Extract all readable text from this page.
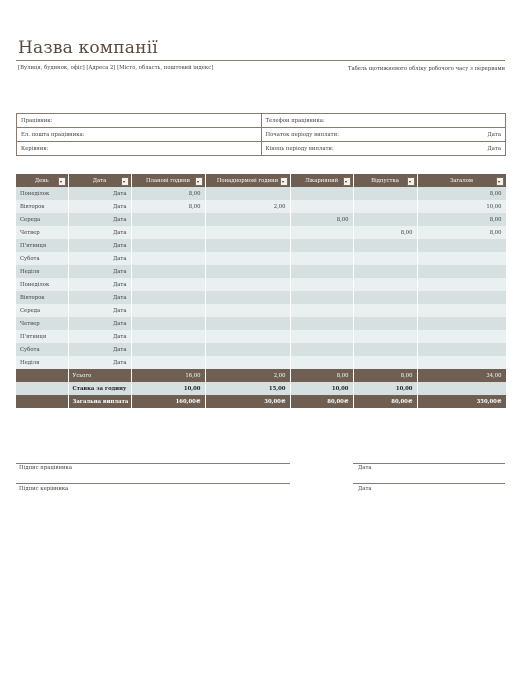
Назва компанії
[Вулиця, будинок, офіс] [Адреса 2] [Місто, область, поштовий індекс]	Табель щотижневого обліку робочого часу з перервами
Працівник:	Телефон працівника:
Ел. пошта працівника:	Початок періоду виплати: Дата

Керівник:	Кінець періоду виплати: Дата
День	Дата	Планові години	Понаднормові години	Лікарняний	Відпустка	Загалом

Понеділок	Дата	8,00				8,00
Вівторок	Дата	8,00	2,00			10,00
Середа	Дата			8,00		8,00
Четвер	Дата				8,00	8,00
П'ятниця	Дата					
Субота	Дата					
Неділя	Дата					
Понеділок	Дата					
Вівторок	Дата					
Середа	Дата					
Четвер	Дата					
П'ятниця	Дата					
Субота	Дата					
Неділя	Дата					
	Усього	16,00	2,00	8,00	8,00	34,00
	Ставка за годину	10,00	15,00	10,00	10,00	
	Загальна виплата	160,00₴	30,00₴	80,00₴	80,00₴	350,00₴
Підпис працівника	Дата
Підпис керівника	Дата
